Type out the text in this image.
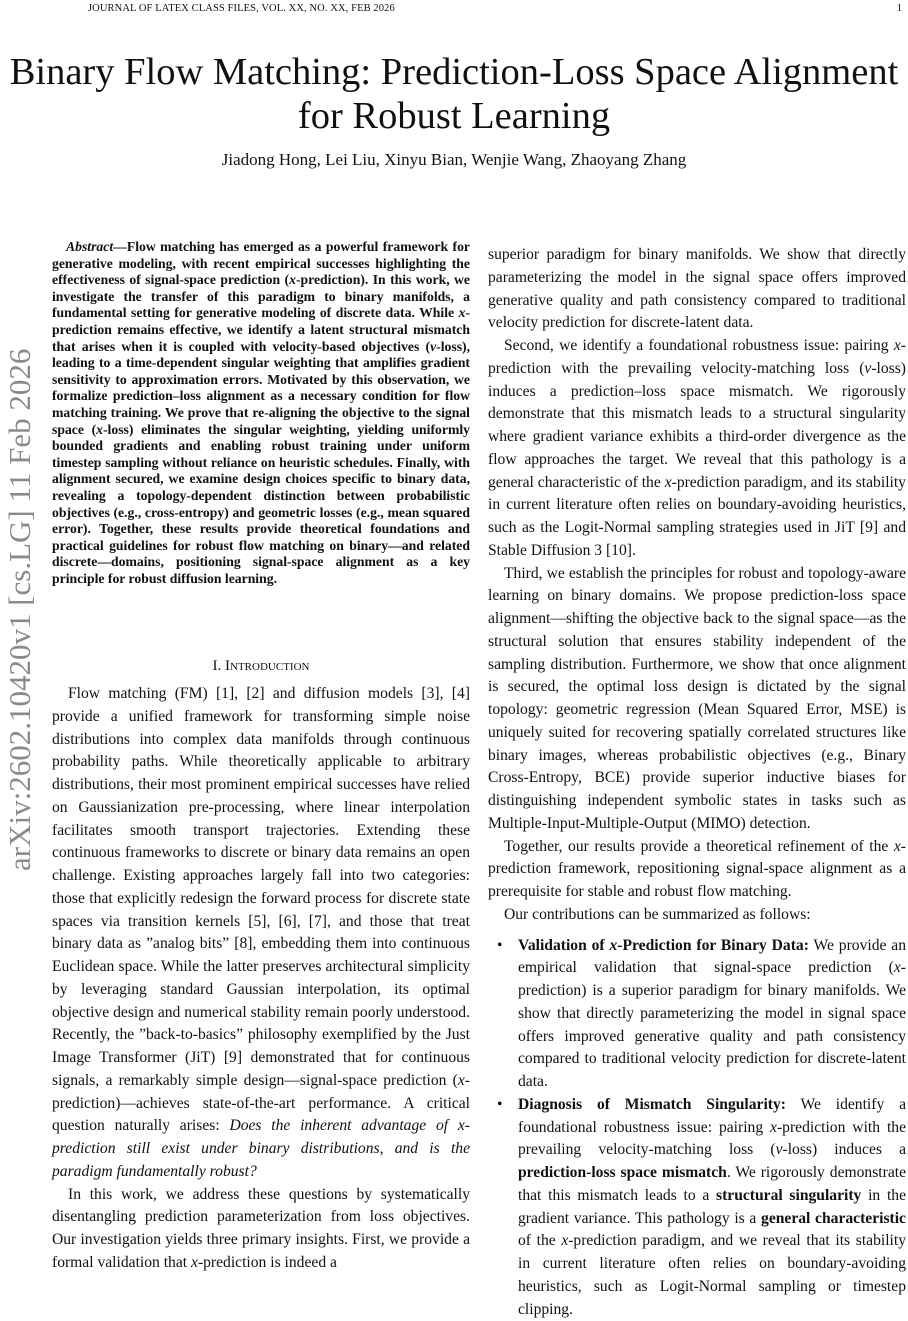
JOURNAL OF LATEX CLASS FILES, VOL. XX, NO. XX, FEB 2026	1
Binary Flow Matching: Prediction-Loss Space Alignment for Robust Learning
Jiadong Hong, Lei Liu, Xinyu Bian, Wenjie Wang, Zhaoyang Zhang
arXiv:2602.10420v1 [cs.LG] 11 Feb 2026

Abstract—Flow matching has emerged as a powerful framework for generative modeling, with recent empirical successes highlighting the effectiveness of signal-space prediction (x-prediction). In this work, we investigate the transfer of this paradigm to binary manifolds, a fundamental setting for generative modeling of discrete data. While x-prediction remains effective, we identify a latent structural mismatch that arises when it is coupled with velocity-based objectives (v-loss), leading to a time-dependent singular weighting that amplifies gradient sensitivity to approximation errors. Motivated by this observation, we formalize prediction–loss alignment as a necessary condition for flow matching training. We prove that re-aligning the objective to the signal space (x-loss) eliminates the singular weighting, yielding uniformly bounded gradients and enabling robust training under uniform timestep sampling without reliance on heuristic schedules. Finally, with alignment secured, we examine design choices specific to binary data, revealing a topology-dependent distinction between probabilistic objectives (e.g., cross-entropy) and geometric losses (e.g., mean squared error). Together, these results provide theoretical foundations and practical guidelines for robust flow matching on binary—and related discrete—domains, positioning signal-space alignment as a key principle for robust diffusion learning.

I. Introduction

Flow matching (FM) [1], [2] and diffusion models [3], [4] provide a unified framework for transforming simple noise distributions into complex data manifolds through continuous probability paths. While theoretically applicable to arbitrary distributions, their most prominent empirical successes have relied on Gaussianization pre-processing, where linear interpolation facilitates smooth transport trajectories. Extending these continuous frameworks to discrete or binary data remains an open challenge. Existing approaches largely fall into two categories: those that explicitly redesign the forward process for discrete state spaces via transition kernels [5], [6], [7], and those that treat binary data as ”analog bits” [8], embedding them into continuous Euclidean space. While the latter preserves architectural simplicity by leveraging standard Gaussian interpolation, its optimal objective design and numerical stability remain poorly understood. Recently, the ”back-to-basics” philosophy exemplified by the Just Image Transformer (JiT) [9] demonstrated that for continuous signals, a remarkably simple design—signal-space prediction (x-prediction)—achieves state-of-the-art performance. A critical question naturally arises: Does the inherent advantage of x-prediction still exist under binary distributions, and is the paradigm fundamentally robust?

In this work, we address these questions by systematically disentangling prediction parameterization from loss objectives. Our investigation yields three primary insights. First, we provide a formal validation that x-prediction is indeed a

superior paradigm for binary manifolds. We show that directly parameterizing the model in the signal space offers improved generative quality and path consistency compared to traditional velocity prediction for discrete-latent data.

Second, we identify a foundational robustness issue: pairing x-prediction with the prevailing velocity-matching loss (v-loss) induces a prediction–loss space mismatch. We rigorously demonstrate that this mismatch leads to a structural singularity where gradient variance exhibits a third-order divergence as the flow approaches the target. We reveal that this pathology is a general characteristic of the x-prediction paradigm, and its stability in current literature often relies on boundary-avoiding heuristics, such as the Logit-Normal sampling strategies used in JiT [9] and Stable Diffusion 3 [10].

Third, we establish the principles for robust and topology-aware learning on binary domains. We propose prediction-loss space alignment—shifting the objective back to the signal space—as the structural solution that ensures stability independent of the sampling distribution. Furthermore, we show that once alignment is secured, the optimal loss design is dictated by the signal topology: geometric regression (Mean Squared Error, MSE) is uniquely suited for recovering spatially correlated structures like binary images, whereas probabilistic objectives (e.g., Binary Cross-Entropy, BCE) provide superior inductive biases for distinguishing independent symbolic states in tasks such as Multiple-Input-Multiple-Output (MIMO) detection.

Together, our results provide a theoretical refinement of the x-prediction framework, repositioning signal-space alignment as a prerequisite for stable and robust flow matching.

Our contributions can be summarized as follows:

• Validation of x-Prediction for Binary Data: We provide an empirical validation that signal-space prediction (x-prediction) is a superior paradigm for binary manifolds. We show that directly parameterizing the model in signal space offers improved generative quality and path consistency compared to traditional velocity prediction for discrete-latent data.
• Diagnosis of Mismatch Singularity: We identify a foundational robustness issue: pairing x-prediction with the prevailing velocity-matching loss (v-loss) induces a prediction-loss space mismatch. We rigorously demonstrate that this mismatch leads to a structural singularity in the gradient variance. This pathology is a general characteristic of the x-prediction paradigm, and we reveal that its stability in current literature often relies on boundary-avoiding heuristics, such as Logit-Normal sampling or timestep clipping.
